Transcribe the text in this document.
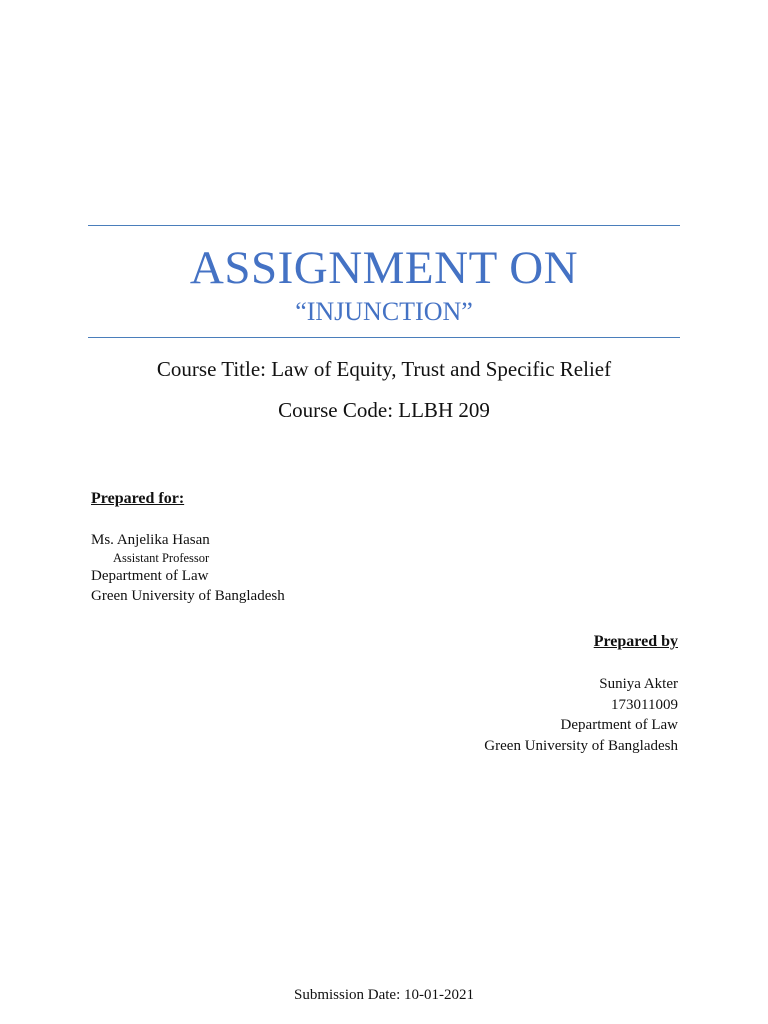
ASSIGNMENT ON
“INJUNCTION”
Course Title: Law of Equity, Trust and Specific Relief
Course Code: LLBH 209
Prepared for:
Ms. Anjelika Hasan
Assistant Professor
Department of Law
Green University of Bangladesh
Prepared by
Suniya Akter
173011009
Department of Law
Green University of Bangladesh
Submission Date: 10-01-2021
